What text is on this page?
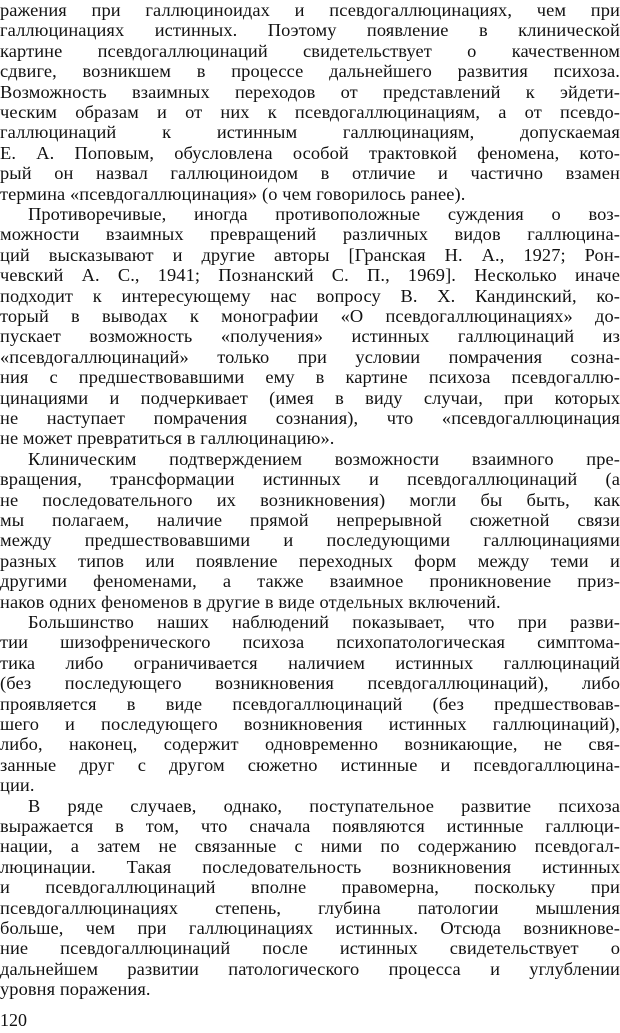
ражения при галлюциноидах и псевдогаллюцинациях, чем при
галлюцинациях истинных. Поэтому появление в клинической
картине псевдогаллюцинаций свидетельствует о качественном
сдвиге, возникшем в процессе дальнейшего развития психоза.
Возможность взаимных переходов от представлений к эйдети-
ческим образам и от них к псевдогаллюцинациям, а от псевдо-
галлюцинаций к истинным галлюцинациям, допускаемая
Е. А. Поповым, обусловлена особой трактовкой феномена, кото-
рый он назвал галлюциноидом в отличие и частично взамен
термина «псевдогаллюцинация» (о чем говорилось ранее).
Противоречивые, иногда противоположные суждения о воз-
можности взаимных превращений различных видов галлюцина-
ций высказывают и другие авторы [Гранская Н. А., 1927; Рон-
чевский А. С., 1941; Познанский С. П., 1969]. Несколько иначе
подходит к интересующему нас вопросу В. Х. Кандинский, ко-
торый в выводах к монографии «О псевдогаллюцинациях» до-
пускает возможность «получения» истинных галлюцинаций из
«псевдогаллюцинаций» только при условии помрачения созна-
ния с предшествовавшими ему в картине психоза псевдогаллю-
цинациями и подчеркивает (имея в виду случаи, при которых
не наступает помрачения сознания), что «псевдогаллюцинация
не может превратиться в галлюцинацию».
Клиническим подтверждением возможности взаимного пре-
вращения, трансформации истинных и псевдогаллюцинаций (а
не последовательного их возникновения) могли бы быть, как
мы полагаем, наличие прямой непрерывной сюжетной связи
между предшествовавшими и последующими галлюцинациями
разных типов или появление переходных форм между теми и
другими феноменами, а также взаимное проникновение приз-
наков одних феноменов в другие в виде отдельных включений.
Большинство наших наблюдений показывает, что при разви-
тии шизофренического психоза психопатологическая симптома-
тика либо ограничивается наличием истинных галлюцинаций
(без последующего возникновения псевдогаллюцинаций), либо
проявляется в виде псевдогаллюцинаций (без предшествовав-
шего и последующего возникновения истинных галлюцинаций),
либо, наконец, содержит одновременно возникающие, не свя-
занные друг с другом сюжетно истинные и псевдогаллюцина-
ции.
В ряде случаев, однако, поступательное развитие психоза
выражается в том, что сначала появляются истинные галлюци-
нации, а затем не связанные с ними по содержанию псевдогал-
люцинации. Такая последовательность возникновения истинных
и псевдогаллюцинаций вполне правомерна, поскольку при
псевдогаллюцинациях степень, глубина патологии мышления
больше, чем при галлюцинациях истинных. Отсюда возникнове-
ние псевдогаллюцинаций после истинных свидетельствует о
дальнейшем развитии патологического процесса и углублении
уровня поражения.
120
